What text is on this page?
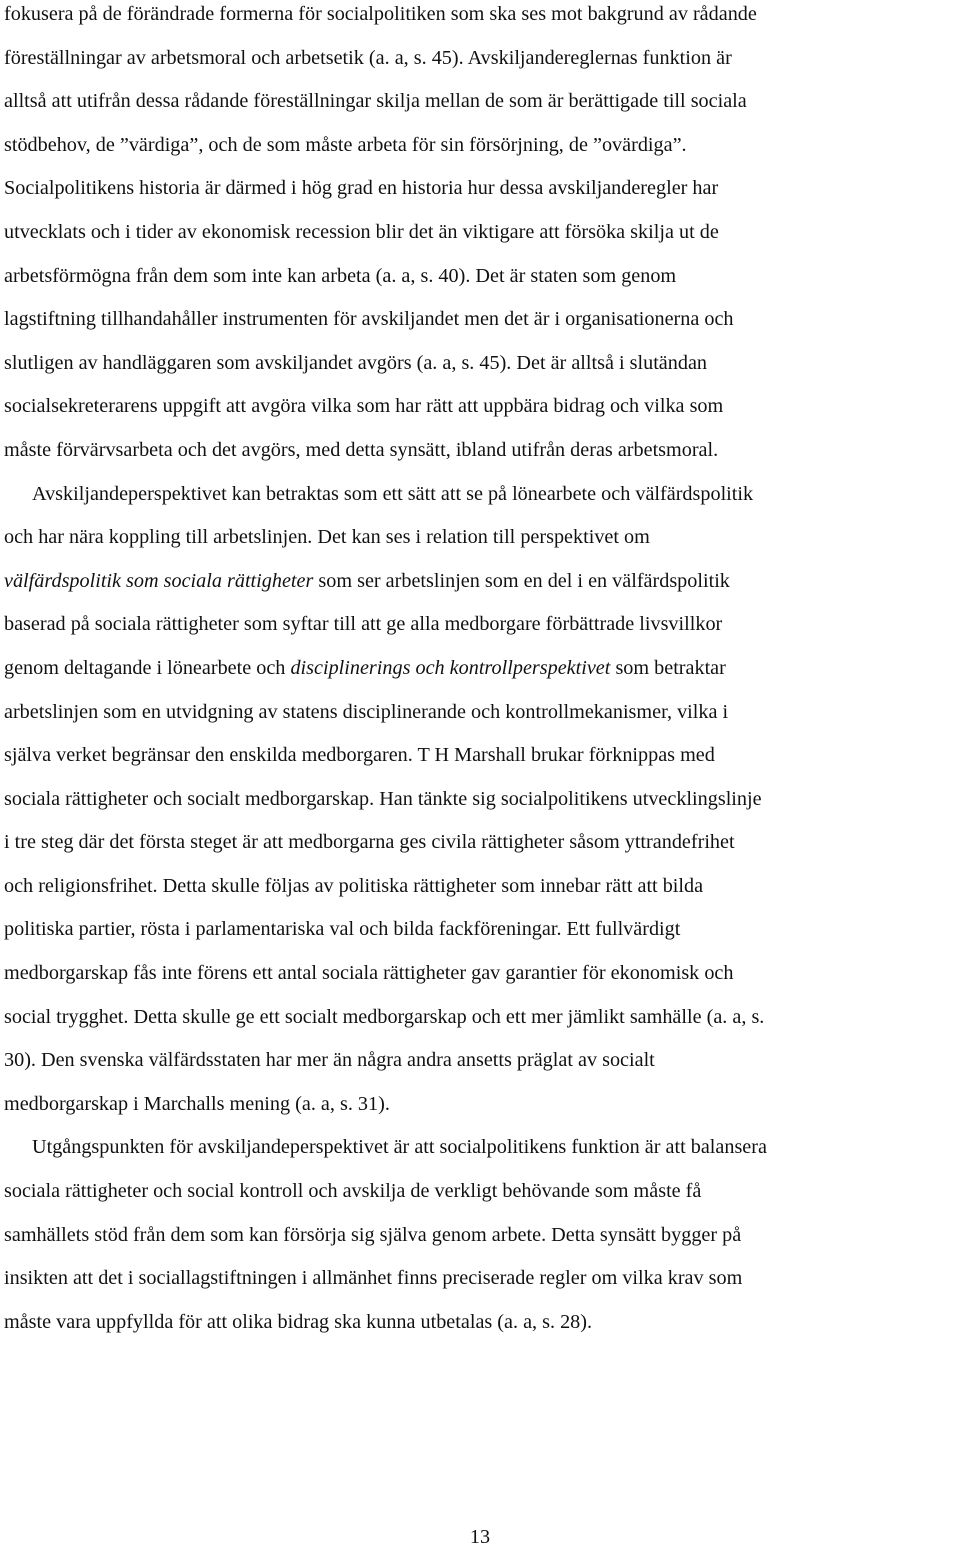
fokusera på de förändrade formerna för socialpolitiken som ska ses mot bakgrund av rådande
föreställningar av arbetsmoral och arbetsetik (a. a, s. 45). Avskiljandereglernas funktion är
alltså att utifrån dessa rådande föreställningar skilja mellan de som är berättigade till sociala
stödbehov, de ”värdiga”, och de som måste arbeta för sin försörjning, de ”ovärdiga”.
Socialpolitikens historia är därmed i hög grad en historia hur dessa avskiljanderegler har
utvecklats och i tider av ekonomisk recession blir det än viktigare att försöka skilja ut de
arbetsförmögna från dem som inte kan arbeta (a. a, s. 40). Det är staten som genom
lagstiftning tillhandahåller instrumenten för avskiljandet men det är i organisationerna och
slutligen av handläggaren som avskiljandet avgörs (a. a, s. 45). Det är alltså i slutändan
socialsekreterarens uppgift att avgöra vilka som har rätt att uppbära bidrag och vilka som
måste förvärvsarbeta och det avgörs, med detta synsätt, ibland utifrån deras arbetsmoral.
Avskiljandeperspektivet kan betraktas som ett sätt att se på lönearbete och välfärdspolitik
och har nära koppling till arbetslinjen. Det kan ses i relation till perspektivet om
välfärdspolitik som sociala rättigheter som ser arbetslinjen som en del i en välfärdspolitik
baserad på sociala rättigheter som syftar till att ge alla medborgare förbättrade livsvillkor
genom deltagande i lönearbete och disciplinerings och kontrollperspektivet som betraktar
arbetslinjen som en utvidgning av statens disciplinerande och kontrollmekanismer, vilka i
själva verket begränsar den enskilda medborgaren. T H Marshall brukar förknippas med
sociala rättigheter och socialt medborgarskap. Han tänkte sig socialpolitikens utvecklingslinje
i tre steg där det första steget är att medborgarna ges civila rättigheter såsom yttrandefrihet
och religionsfrihet. Detta skulle följas av politiska rättigheter som innebar rätt att bilda
politiska partier, rösta i parlamentariska val och bilda fackföreningar. Ett fullvärdigt
medborgarskap fås inte förens ett antal sociala rättigheter gav garantier för ekonomisk och
social trygghet. Detta skulle ge ett socialt medborgarskap och ett mer jämlikt samhälle (a. a, s.
30). Den svenska välfärdsstaten har mer än några andra ansetts präglat av socialt
medborgarskap i Marchalls mening (a. a, s. 31).
Utgångspunkten för avskiljandeperspektivet är att socialpolitikens funktion är att balansera
sociala rättigheter och social kontroll och avskilja de verkligt behövande som måste få
samhällets stöd från dem som kan försörja sig själva genom arbete. Detta synsätt bygger på
insikten att det i sociallagstiftningen i allmänhet finns preciserade regler om vilka krav som
måste vara uppfyllda för att olika bidrag ska kunna utbetalas (a. a, s. 28).
13
